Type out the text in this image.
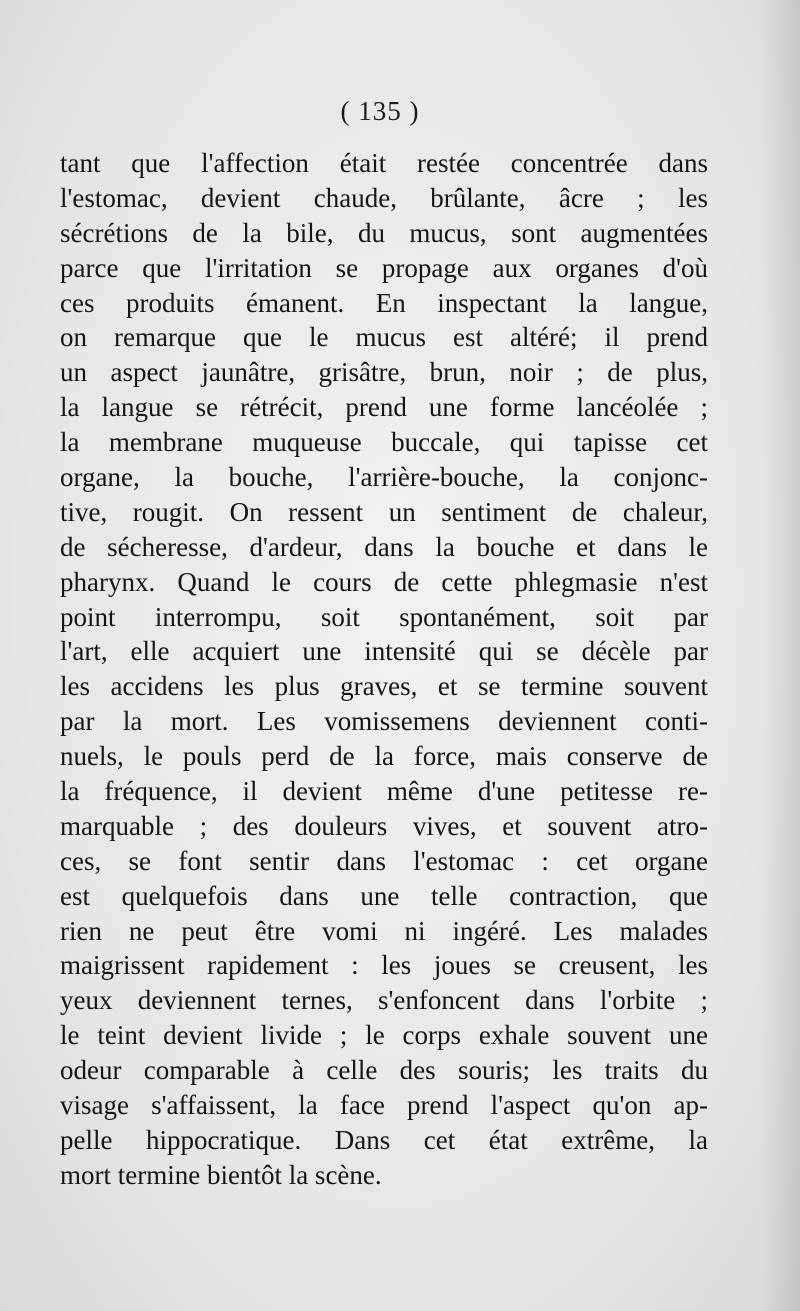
( 135 )
tant que l'affection était restée concentrée dans
l'estomac, devient chaude, brûlante, âcre ; les
sécrétions de la bile, du mucus, sont augmentées
parce que l'irritation se propage aux organes d'où
ces produits émanent. En inspectant la langue,
on remarque que le mucus est altéré; il prend
un aspect jaunâtre, grisâtre, brun, noir ; de plus,
la langue se rétrécit, prend une forme lancéolée ;
la membrane muqueuse buccale, qui tapisse cet
organe, la bouche, l'arrière-bouche, la conjonc-
tive, rougit. On ressent un sentiment de chaleur,
de sécheresse, d'ardeur, dans la bouche et dans le
pharynx. Quand le cours de cette phlegmasie n'est
point interrompu, soit spontanément, soit par
l'art, elle acquiert une intensité qui se décèle par
les accidens les plus graves, et se termine souvent
par la mort. Les vomissemens deviennent conti-
nuels, le pouls perd de la force, mais conserve de
la fréquence, il devient même d'une petitesse re-
marquable ; des douleurs vives, et souvent atro-
ces, se font sentir dans l'estomac : cet organe
est quelquefois dans une telle contraction, que
rien ne peut être vomi ni ingéré. Les malades
maigrissent rapidement : les joues se creusent, les
yeux deviennent ternes, s'enfoncent dans l'orbite ;
le teint devient livide ; le corps exhale souvent une
odeur comparable à celle des souris; les traits du
visage s'affaissent, la face prend l'aspect qu'on ap-
pelle hippocratique. Dans cet état extrême, la
mort termine bientôt la scène.
